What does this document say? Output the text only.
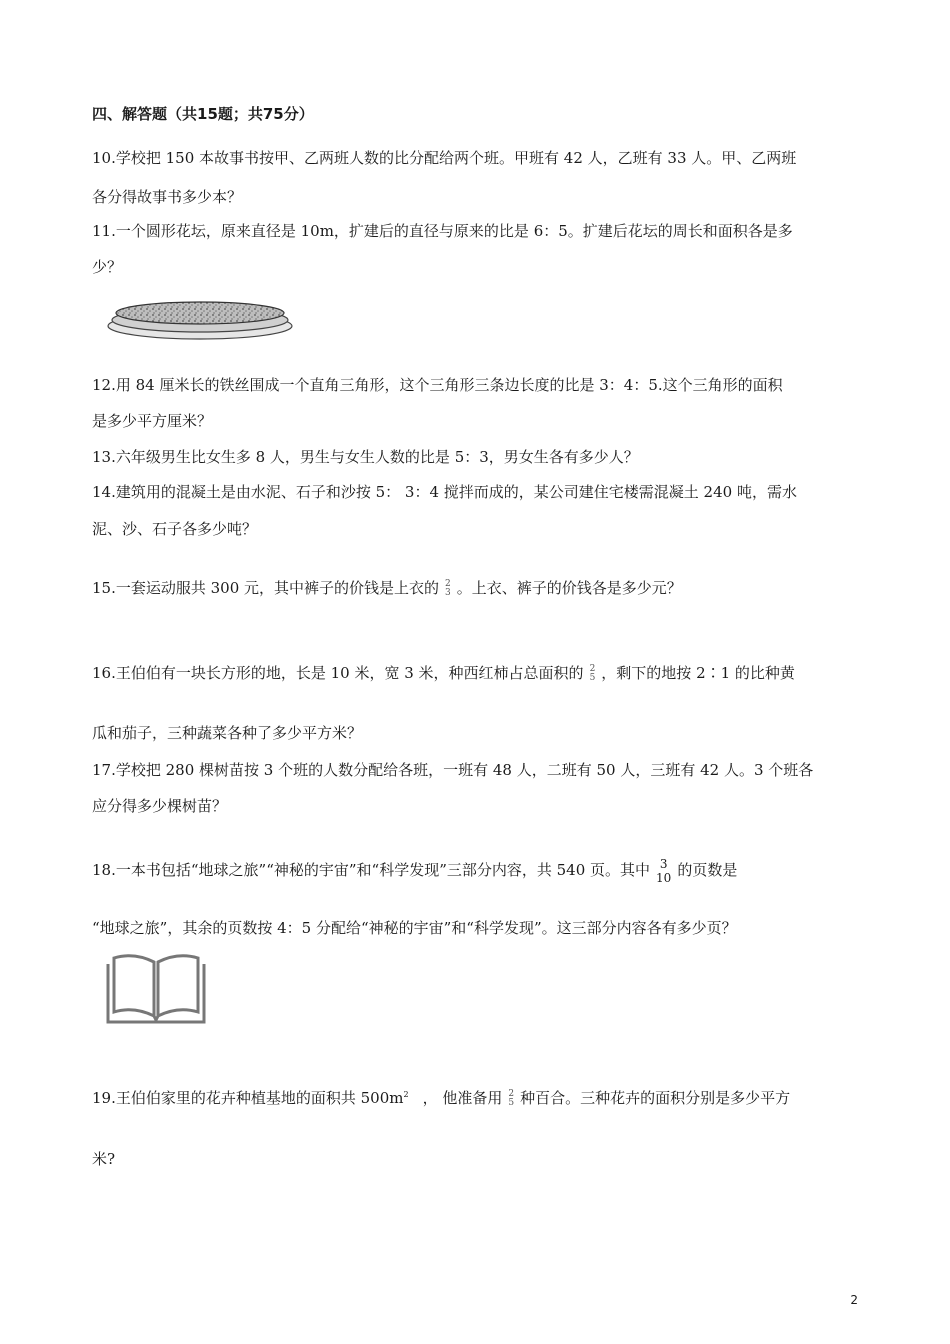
四、解答题（共15题；共75分）
10.学校把 150 本故事书按甲、乙两班人数的比分配给两个班。甲班有 42 人，乙班有 33 人。甲、乙两班
各分得故事书多少本？
11.一个圆形花坛，原来直径是 10m，扩建后的直径与原来的比是 6：5。扩建后花坛的周长和面积各是多
少？
12.用 84 厘米长的铁丝围成一个直角三角形，这个三角形三条边长度的比是 3：4：5.这个三角形的面积
是多少平方厘米？
13.六年级男生比女生多 8 人，男生与女生人数的比是 5：3，男女生各有多少人？
14.建筑用的混凝土是由水泥、石子和沙按 5： 3：4 搅拌而成的，某公司建住宅楼需混凝土 240 吨，需水
泥、沙、石子各多少吨？
15.一套运动服共 300 元，其中裤子的价钱是上衣的 2
3 。上衣、裤子的价钱各是多少元？
16.王伯伯有一块长方形的地，长是 10 米，宽 3 米，种西红柿占总面积的 2
5 ，剩下的地按 2∶1 的比种黄
瓜和茄子，三种蔬菜各种了多少平方米？
17.学校把 280 棵树苗按 3 个班的人数分配给各班，一班有 48 人，二班有 50 人，三班有 42 人。3 个班各
应分得多少棵树苗？
18.一本书包括“地球之旅”“神秘的宇宙”和“科学发现”三部分内容，共 540 页。其中 3
10 的页数是
“地球之旅”，其余的页数按 4：5 分配给“神秘的宇宙”和“科学发现”。这三部分内容各有多少页？
19.王伯伯家里的花卉种植基地的面积共 $500m^2$ ， 他准备用 2
5 种百合。三种花卉的面积分别是多少平方
米?
2
